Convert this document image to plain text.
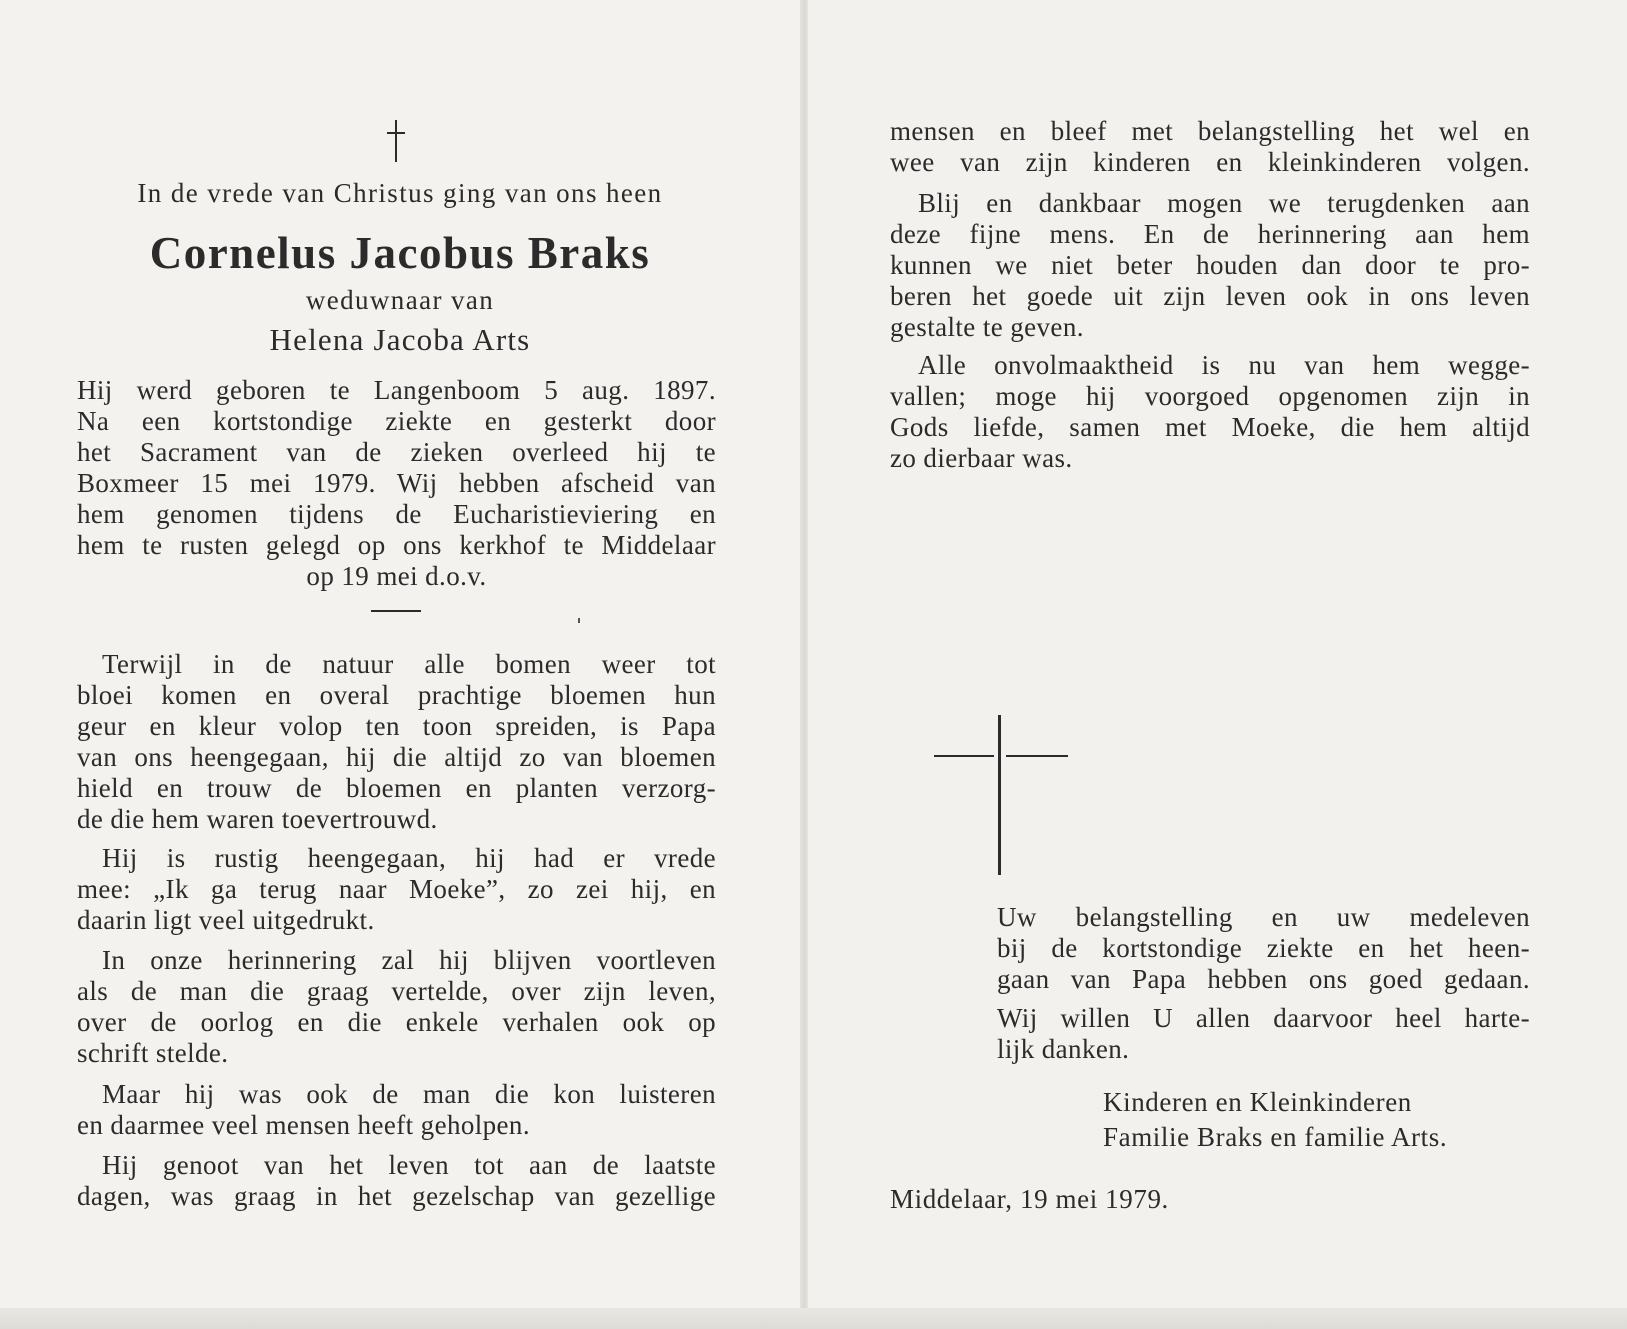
In de vrede van Christus ging van ons heen
Cornelus Jacobus Braks
weduwnaar van
Helena Jacoba Arts
Hij werd geboren te Langenboom 5 aug. 1897.
Na een kortstondige ziekte en gesterkt door
het Sacrament van de zieken overleed hij te
Boxmeer 15 mei 1979. Wij hebben afscheid van
hem genomen tijdens de Eucharistieviering en
hem te rusten gelegd op ons kerkhof te Middelaar
op 19 mei d.o.v.
Terwijl in de natuur alle bomen weer tot
bloei komen en overal prachtige bloemen hun
geur en kleur volop ten toon spreiden, is Papa
van ons heengegaan, hij die altijd zo van bloemen
hield en trouw de bloemen en planten verzorg-
de die hem waren toevertrouwd.
Hij is rustig heengegaan, hij had er vrede
mee: „Ik ga terug naar Moeke”, zo zei hij, en
daarin ligt veel uitgedrukt.
In onze herinnering zal hij blijven voortleven
als de man die graag vertelde, over zijn leven,
over de oorlog en die enkele verhalen ook op
schrift stelde.
Maar hij was ook de man die kon luisteren
en daarmee veel mensen heeft geholpen.
Hij genoot van het leven tot aan de laatste
dagen, was graag in het gezelschap van gezellige
mensen en bleef met belangstelling het wel en
wee van zijn kinderen en kleinkinderen volgen.
Blij en dankbaar mogen we terugdenken aan
deze fijne mens. En de herinnering aan hem
kunnen we niet beter houden dan door te pro-
beren het goede uit zijn leven ook in ons leven
gestalte te geven.
Alle onvolmaaktheid is nu van hem wegge-
vallen; moge hij voorgoed opgenomen zijn in
Gods liefde, samen met Moeke, die hem altijd
zo dierbaar was.
Uw belangstelling en uw medeleven
bij de kortstondige ziekte en het heen-
gaan van Papa hebben ons goed gedaan.
Wij willen U allen daarvoor heel harte-
lijk danken.
Kinderen en Kleinkinderen
Familie Braks en familie Arts.
Middelaar, 19 mei 1979.
